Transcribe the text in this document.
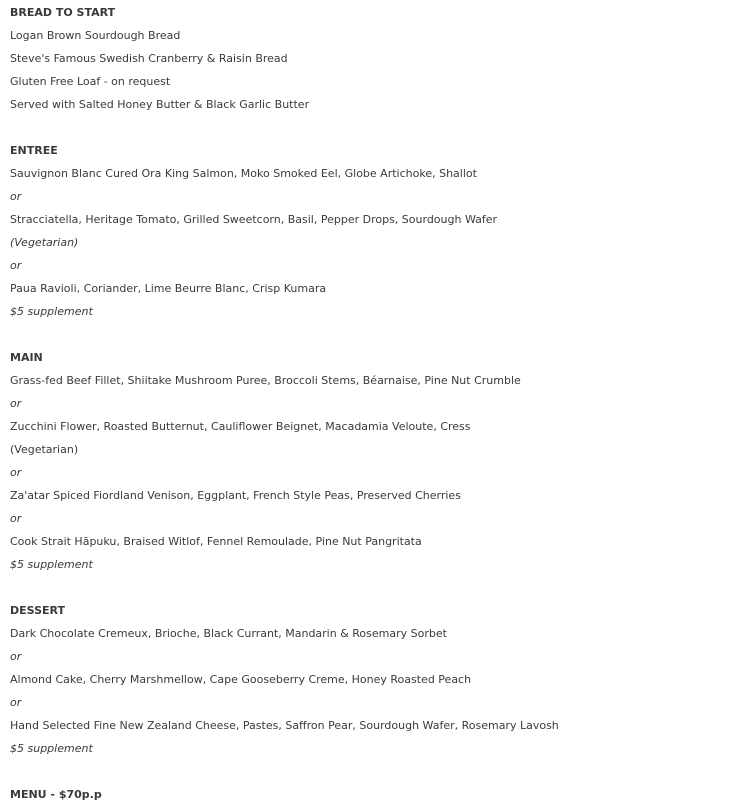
BREAD TO START
Logan Brown Sourdough Bread
Steve's Famous Swedish Cranberry & Raisin Bread
Gluten Free Loaf - on request
Served with Salted Honey Butter & Black Garlic Butter
ENTREE
Sauvignon Blanc Cured Ora King Salmon, Moko Smoked Eel, Globe Artichoke, Shallot
or
Stracciatella, Heritage Tomato, Grilled Sweetcorn, Basil, Pepper Drops, Sourdough Wafer
(Vegetarian)
or
Paua Ravioli, Coriander, Lime Beurre Blanc, Crisp Kumara
$5 supplement
MAIN
Grass-fed Beef Fillet, Shiitake Mushroom Puree, Broccoli Stems, Béarnaise, Pine Nut Crumble
or
Zucchini Flower, Roasted Butternut, Cauliflower Beignet, Macadamia Veloute, Cress
(Vegetarian)
or
Za'atar Spiced Fiordland Venison, Eggplant, French Style Peas, Preserved Cherries
or
Cook Strait Hāpuku, Braised Witlof, Fennel Remoulade, Pine Nut Pangritata
$5 supplement
DESSERT
Dark Chocolate Cremeux, Brioche, Black Currant, Mandarin & Rosemary Sorbet
or
Almond Cake, Cherry Marshmellow, Cape Gooseberry Creme, Honey Roasted Peach
or
Hand Selected Fine New Zealand Cheese, Pastes, Saffron Pear, Sourdough Wafer, Rosemary Lavosh
$5 supplement
MENU - $70p.p
